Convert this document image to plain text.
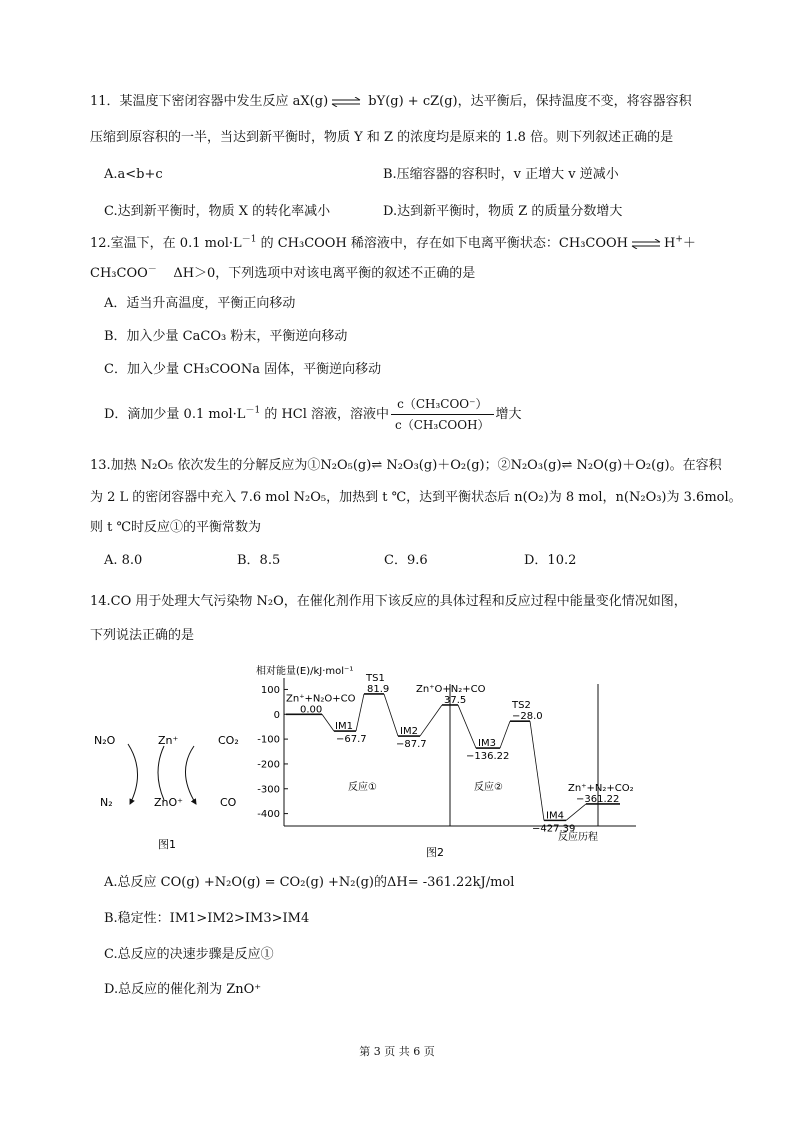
11．某温度下密闭容器中发生反应 aX(g) ⇌ bY(g) + cZ(g)，达平衡后，保持温度不变，将容器容积
压缩到原容积的一半，当达到新平衡时，物质 Y 和 Z 的浓度均是原来的 1.8 倍。则下列叙述正确的是
A.a<b+c	B.压缩容器的容积时，v 正增大 v 逆减小
C.达到新平衡时，物质 X 的转化率减小	D.达到新平衡时，物质 Z 的质量分数增大
12.室温下，在 0.1 $mol\cdot L^{-1}$ 的 CH₃COOH 稀溶液中，存在如下电离平衡状态：CH₃COOH ⇌ H+＋
CH₃COO－ ΔH＞0，下列选项中对该电离平衡的叙述不正确的是
A．适当升高温度，平衡正向移动
B．加入少量 CaCO₃ 粉末，平衡逆向移动
C．加入少量 CH₃COONa 固体，平衡逆向移动
D．滴加少量 0.1 $mol\cdot L^{-1}$ 的 HCl 溶液，溶液中 $\frac{\text{c（CH₃COO⁻）}}{\text{c（CH₃COOH）}}$ 增大
13.加热 N₂O₅ 依次发生的分解反应为①N₂O₅(g)⇌ N₂O₃(g)＋O₂(g)；②N₂O₃(g)⇌ N₂O(g)＋O₂(g)。在容积
为 2 L 的密闭容器中充入 7.6 mol N₂O₅，加热到 t ℃，达到平衡状态后 n(O₂)为 8 mol，n(N₂O₃)为 3.6mol。
则 t ℃时反应①的平衡常数为
A. 8.0	B．8.5	C．9.6	D．10.2
14.CO 用于处理大气污染物 N₂O，在催化剂作用下该反应的具体过程和反应过程中能量变化情况如图，
下列说法正确的是
N₂O	Zn⁺	CO₂
N₂	ZnO⁺	CO
图1
相对能量(E)/kJ·mol⁻¹
反应历程
图2
100
0
-100
-200
-300
-400
反应①	反应②
Zn⁺+N₂O+CO
0.00
IM1
−67.7
TS1
81.9
IM2
−87.7
Zn⁺O+N₂+CO
37.5
IM3
−136.22
TS2
−28.0
IM4
−427.39
Zn⁺+N₂+CO₂
−361.22
A.总反应 CO(g) +N₂O(g) = CO₂(g) +N₂(g)的ΔH= -361.22kJ/mol
B.稳定性：IM1>IM2>IM3>IM4
C.总反应的决速步骤是反应①
D.总反应的催化剂为 ZnO⁺
第 3 页 共 6 页
